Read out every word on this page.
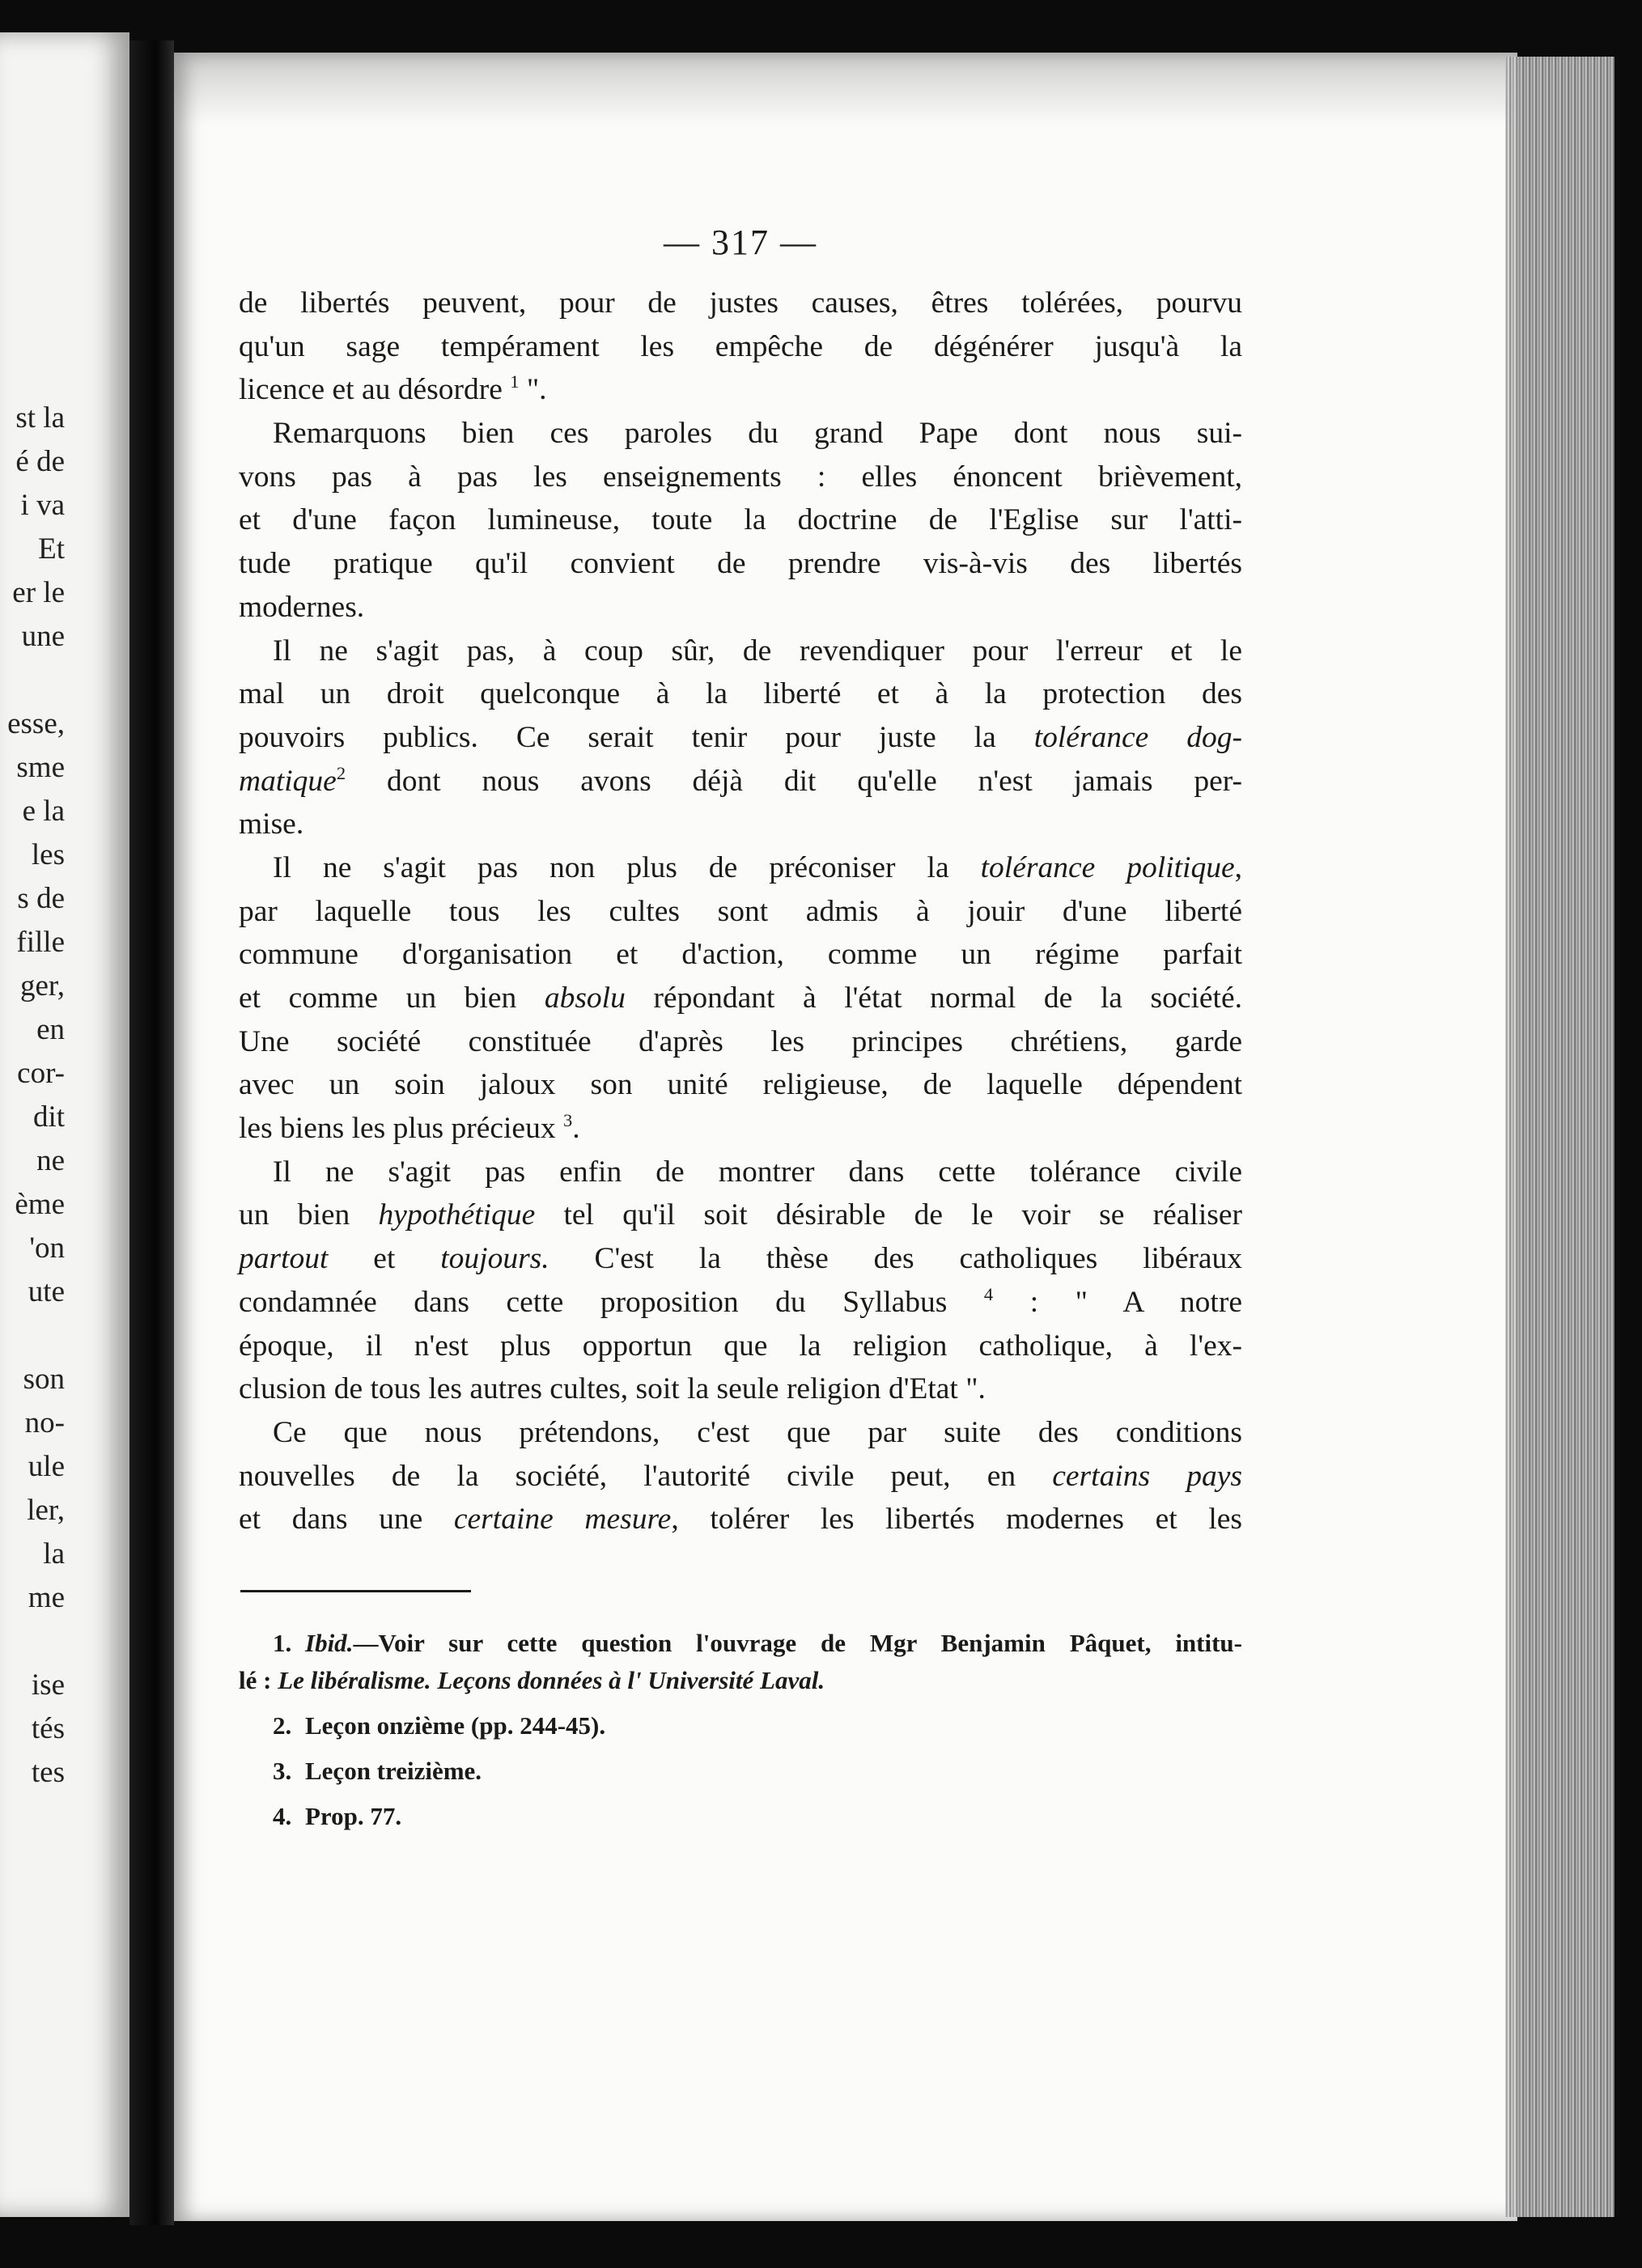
st la
é de
i va
Et
er le
une
esse,
sme
e la
les
s de
fille
ger,
en
cor-
dit
ne
ème
'on
ute
son
no-
ule
ler,
la
me
ise
tés
tes
— 317 —
de libertés peuvent, pour de justes causes, êtres tolérées, pourvu
qu'un sage tempérament les empêche de dégénérer jusqu'à la
licence et au désordre $^1$ ".
Remarquons bien ces paroles du grand Pape dont nous sui-
vons pas à pas les enseignements : elles énoncent brièvement,
et d'une façon lumineuse, toute la doctrine de l'Eglise sur l'atti-
tude pratique qu'il convient de prendre vis-à-vis des libertés
modernes.
Il ne s'agit pas, à coup sûr, de revendiquer pour l'erreur et le
mal un droit quelconque à la liberté et à la protection des
pouvoirs publics. Ce serait tenir pour juste la tolérance dog-
matique$^2$ dont nous avons déjà dit qu'elle n'est jamais per-
mise.
Il ne s'agit pas non plus de préconiser la tolérance politique,
par laquelle tous les cultes sont admis à jouir d'une liberté
commune d'organisation et d'action, comme un régime parfait
et comme un bien absolu répondant à l'état normal de la société.
Une société constituée d'après les principes chrétiens, garde
avec un soin jaloux son unité religieuse, de laquelle dépendent
les biens les plus précieux $^3$.
Il ne s'agit pas enfin de montrer dans cette tolérance civile
un bien hypothétique tel qu'il soit désirable de le voir se réaliser
partout et toujours. C'est la thèse des catholiques libéraux
condamnée dans cette proposition du Syllabus $^4$ : " A notre
époque, il n'est plus opportun que la religion catholique, à l'ex-
clusion de tous les autres cultes, soit la seule religion d'Etat ".
Ce que nous prétendons, c'est que par suite des conditions
nouvelles de la société, l'autorité civile peut, en certains pays
et dans une certaine mesure, tolérer les libertés modernes et les
1. Ibid.—Voir sur cette question l'ouvrage de Mgr Benjamin Pâquet, intitu-
lé : Le libéralisme. Leçons données à l' Université Laval.
2. Leçon onzième (pp. 244-45).
3. Leçon treizième.
4. Prop. 77.
